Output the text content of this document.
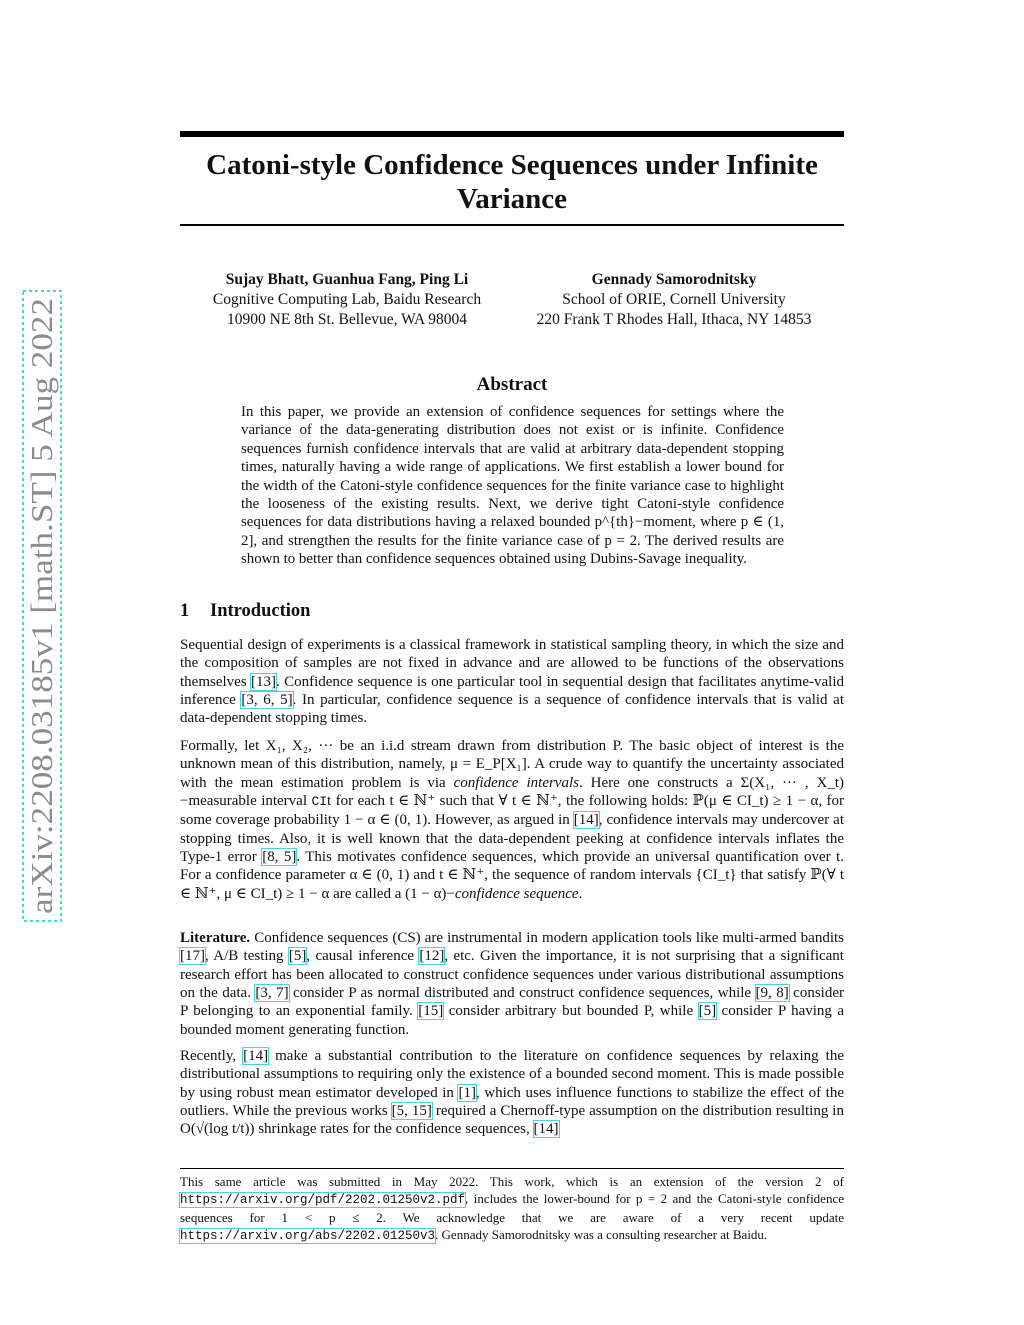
arXiv:2208.03185v1 [math.ST] 5 Aug 2022
Catoni-style Confidence Sequences under Infinite Variance
Sujay Bhatt, Guanhua Fang, Ping Li
Cognitive Computing Lab, Baidu Research
10900 NE 8th St. Bellevue, WA 98004
Gennady Samorodnitsky
School of ORIE, Cornell University
220 Frank T Rhodes Hall, Ithaca, NY 14853
Abstract

In this paper, we provide an extension of confidence sequences for settings where the variance of the data-generating distribution does not exist or is infinite. Confidence sequences furnish confidence intervals that are valid at arbitrary data-dependent stopping times, naturally having a wide range of applications. We first establish a lower bound for the width of the Catoni-style confidence sequences for the finite variance case to highlight the looseness of the existing results. Next, we derive tight Catoni-style confidence sequences for data distributions having a relaxed bounded p^{th}−moment, where p ∈ (1, 2], and strengthen the results for the finite variance case of p = 2. The derived results are shown to better than confidence sequences obtained using Dubins-Savage inequality.

1 Introduction

Sequential design of experiments is a classical framework in statistical sampling theory, in which the size and the composition of samples are not fixed in advance and are allowed to be functions of the observations themselves [13]. Confidence sequence is one particular tool in sequential design that facilitates anytime-valid inference [3, 6, 5]. In particular, confidence sequence is a sequence of confidence intervals that is valid at data-dependent stopping times.

Formally, let X₁, X₂, ··· be an i.i.d stream drawn from distribution P. The basic object of interest is the unknown mean of this distribution, namely, μ = E_P[X₁]. A crude way to quantify the uncertainty associated with the mean estimation problem is via confidence intervals. Here one constructs a Σ(X₁, ··· , X_t)−measurable interval CIt for each t ∈ ℕ⁺ such that ∀ t ∈ ℕ⁺, the following holds: ℙ(μ ∈ CI_t) ≥ 1 − α, for some coverage probability 1 − α ∈ (0, 1). However, as argued in [14], confidence intervals may undercover at stopping times. Also, it is well known that the data-dependent peeking at confidence intervals inflates the Type-1 error [8, 5]. This motivates confidence sequences, which provide an universal quantification over t. For a confidence parameter α ∈ (0, 1) and t ∈ ℕ⁺, the sequence of random intervals {CI_t} that satisfy ℙ(∀ t ∈ ℕ⁺, μ ∈ CI_t) ≥ 1 − α are called a (1 − α)−confidence sequence.

Literature. Confidence sequences (CS) are instrumental in modern application tools like multi-armed bandits [17], A/B testing [5], causal inference [12], etc. Given the importance, it is not surprising that a significant research effort has been allocated to construct confidence sequences under various distributional assumptions on the data. [3, 7] consider P as normal distributed and construct confidence sequences, while [9, 8] consider P belonging to an exponential family. [15] consider arbitrary but bounded P, while [5] consider P having a bounded moment generating function.

Recently, [14] make a substantial contribution to the literature on confidence sequences by relaxing the distributional assumptions to requiring only the existence of a bounded second moment. This is made possible by using robust mean estimator developed in [1], which uses influence functions to stabilize the effect of the outliers. While the previous works [5, 15] required a Chernoff-type assumption on the distribution resulting in O(√(log t/t)) shrinkage rates for the confidence sequences, [14]

This same article was submitted in May 2022. This work, which is an extension of the version 2 of https://arxiv.org/pdf/2202.01250v2.pdf, includes the lower-bound for p = 2 and the Catoni-style confidence sequences for 1 < p ≤ 2. We acknowledge that we are aware of a very recent update https://arxiv.org/abs/2202.01250v3. Gennady Samorodnitsky was a consulting researcher at Baidu.
